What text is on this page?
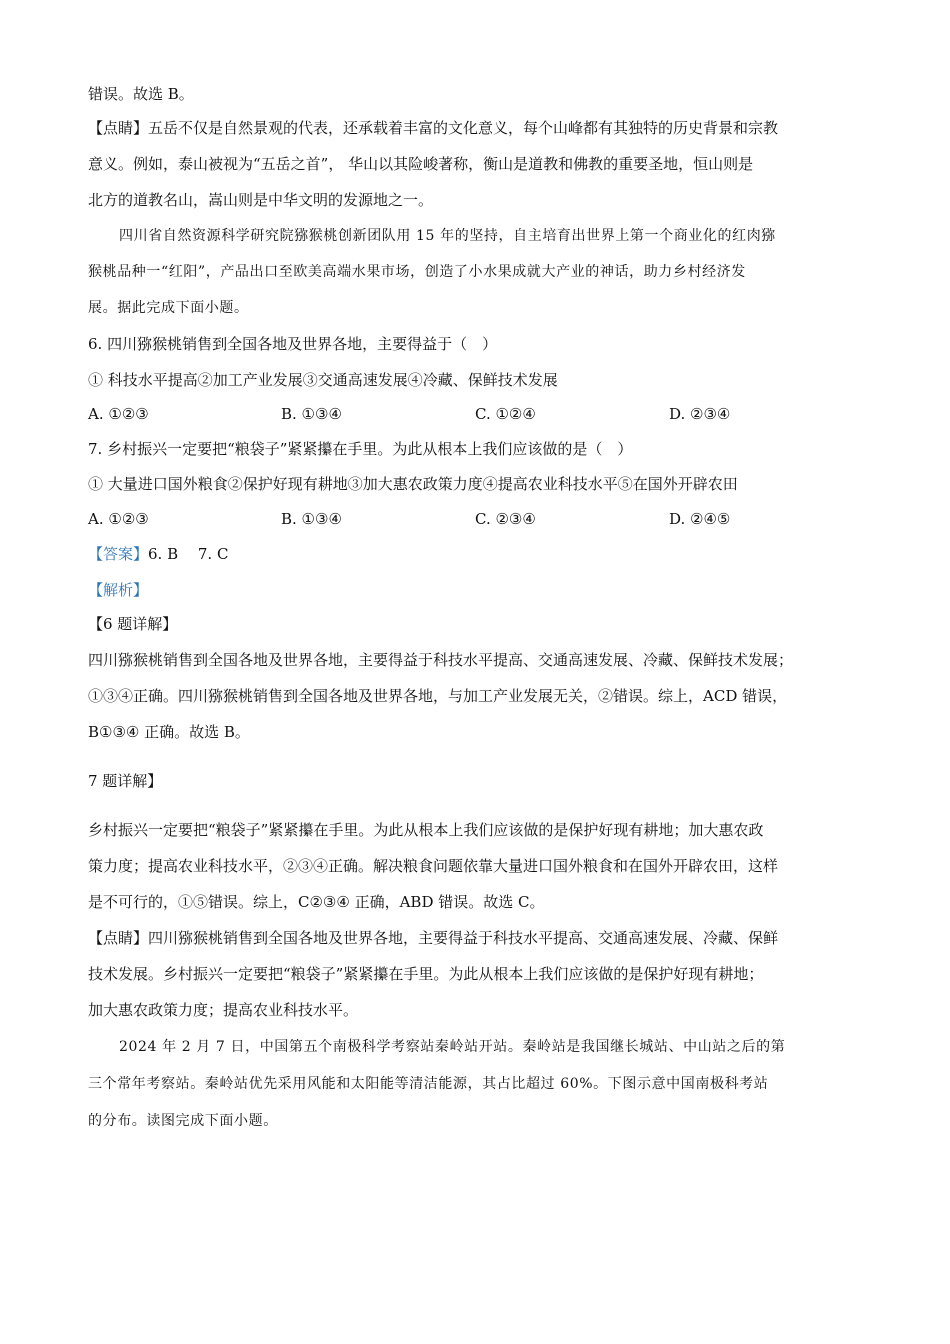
错误。故选 B。
【点睛】五岳不仅是自然景观的代表，还承载着丰富的文化意义，每个山峰都有其独特的历史背景和宗教
意义。例如，泰山被视为“五岳之首”， 华山以其险峻著称，衡山是道教和佛教的重要圣地，恒山则是
北方的道教名山，嵩山则是中华文明的发源地之一。
四川省自然资源科学研究院猕猴桃创新团队用 15 年的坚持，自主培育出世界上第一个商业化的红肉猕
猴桃品种一“红阳”，产品出口至欧美高端水果市场，创造了小水果成就大产业的神话，助力乡村经济发
展。据此完成下面小题。
6. 四川猕猴桃销售到全国各地及世界各地，主要得益于（　）
① 科技水平提高②加工产业发展③交通高速发展④冷藏、保鲜技术发展
A. ①②③	B. ①③④	C. ①②④	D. ②③④
7. 乡村振兴一定要把“粮袋子”紧紧攥在手里。为此从根本上我们应该做的是（　）
① 大量进口国外粮食②保护好现有耕地③加大惠农政策力度④提高农业科技水平⑤在国外开辟农田
A. ①②③	B. ①③④	C. ②③④	D. ②④⑤
【答案】6. B　 7. C
【解析】
【6 题详解】
四川猕猴桃销售到全国各地及世界各地，主要得益于科技水平提高、交通高速发展、冷藏、保鲜技术发展；
①③④正确。四川猕猴桃销售到全国各地及世界各地，与加工产业发展无关，②错误。综上，ACD 错误，
B①③④ 正确。故选 B。
7 题详解】
乡村振兴一定要把“粮袋子”紧紧攥在手里。为此从根本上我们应该做的是保护好现有耕地；加大惠农政
策力度；提高农业科技水平，②③④正确。解决粮食问题依靠大量进口国外粮食和在国外开辟农田，这样
是不可行的，①⑤错误。综上，C②③④ 正确，ABD 错误。故选 C。
【点睛】四川猕猴桃销售到全国各地及世界各地，主要得益于科技水平提高、交通高速发展、冷藏、保鲜
技术发展。乡村振兴一定要把“粮袋子”紧紧攥在手里。为此从根本上我们应该做的是保护好现有耕地；
加大惠农政策力度；提高农业科技水平。
2024 年 2 月 7 日，中国第五个南极科学考察站秦岭站开站。秦岭站是我国继长城站、中山站之后的第
三个常年考察站。秦岭站优先采用风能和太阳能等清洁能源，其占比超过 60%。下图示意中国南极科考站
的分布。读图完成下面小题。
